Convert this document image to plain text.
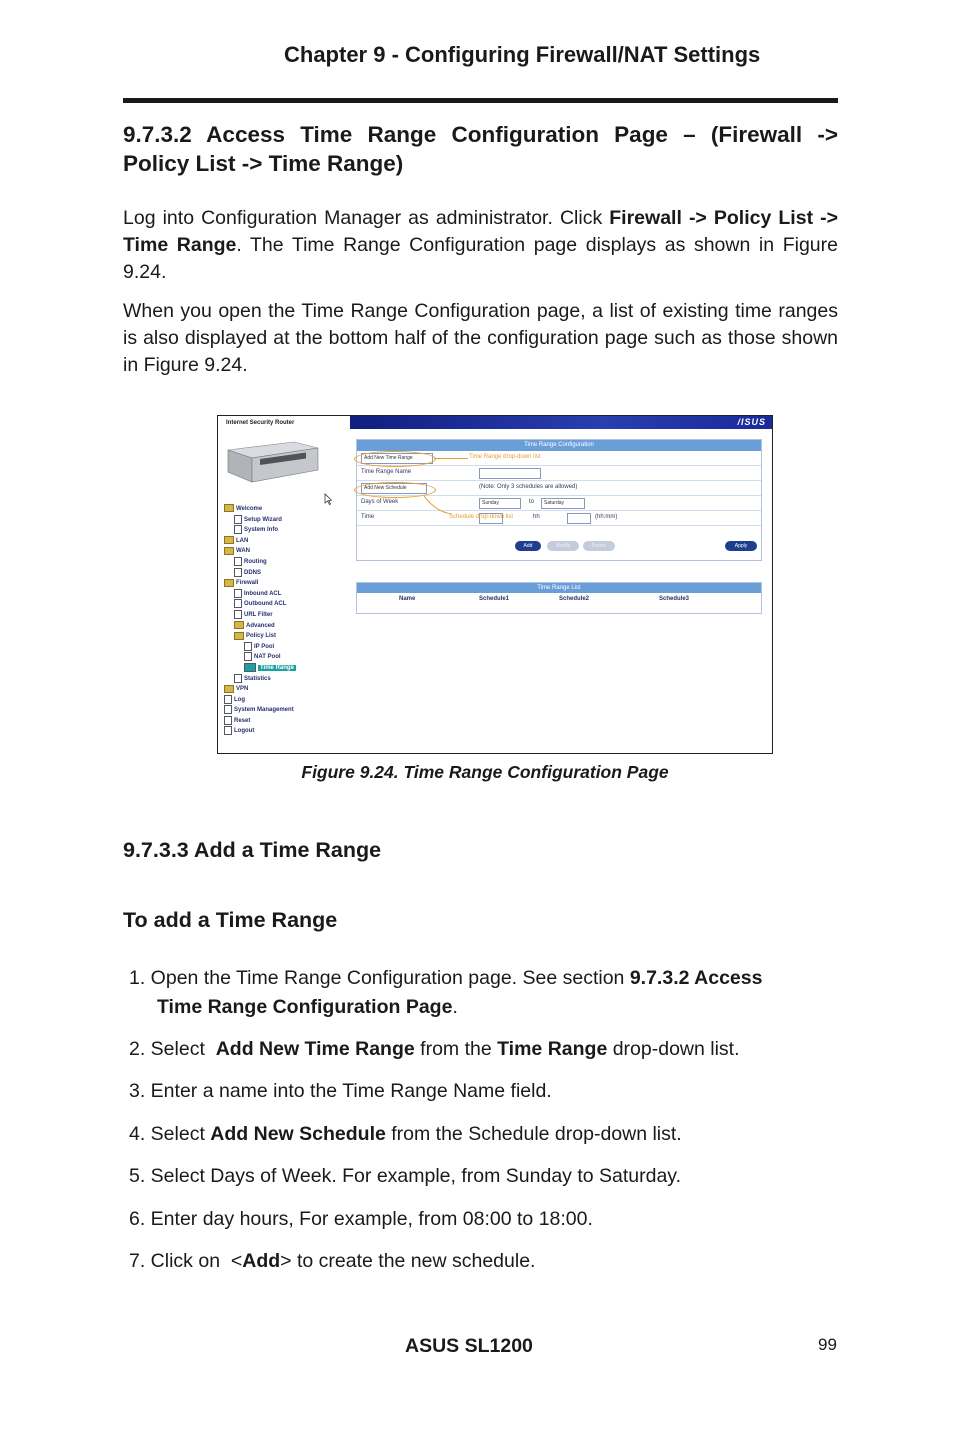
Chapter 9 - Configuring Firewall/NAT Settings
9.7.3.2 Access Time Range Configuration Page – (Firewall -> Policy List -> Time Range)
Log into Configuration Manager as administrator. Click Firewall -> Policy List -> Time Range. The Time Range Configuration page displays as shown in Figure 9.24.
When you open the Time Range Configuration page, a list of existing time ranges is also displayed at the bottom half of the configuration page such as those shown in Figure 9.24.
/ISUS
Internet Security Router
Welcome
Setup Wizard
System Info
LAN
WAN
Routing
DDNS
Firewall
Inbound ACL
Outbound ACL
URL Filter
Advanced
Policy List
IP Pool
NAT Pool
Time Range
Statistics
VPN
Log
System Management
Reset
Logout
Time Range Configuration
Add New Time Range	Time Range drop-down list
Time Range Name
Add New Schedule	(Note: Only 3 schedules are allowed)
Days of Week	Sunday	to	Saturday
Time	hh	(hh:mm)
Schedule drop-down list
Add	Modify	Delete	Apply
Time Range List
Name	Schedule1	Schedule2	Schedule3
Figure 9.24. Time Range Configuration Page
9.7.3.3 Add a Time Range
To add a Time Range
1. Open the Time Range Configuration page. See section 9.7.3.2 Access
Time Range Configuration Page.
2. Select  Add New Time Range from the Time Range drop-down list.
3. Enter a name into the Time Range Name field.
4. Select Add New Schedule from the Schedule drop-down list.
5. Select Days of Week. For example, from Sunday to Saturday.
6. Enter day hours, For example, from 08:00 to 18:00.
7. Click on  <Add> to create the new schedule.
ASUS SL1200	99
